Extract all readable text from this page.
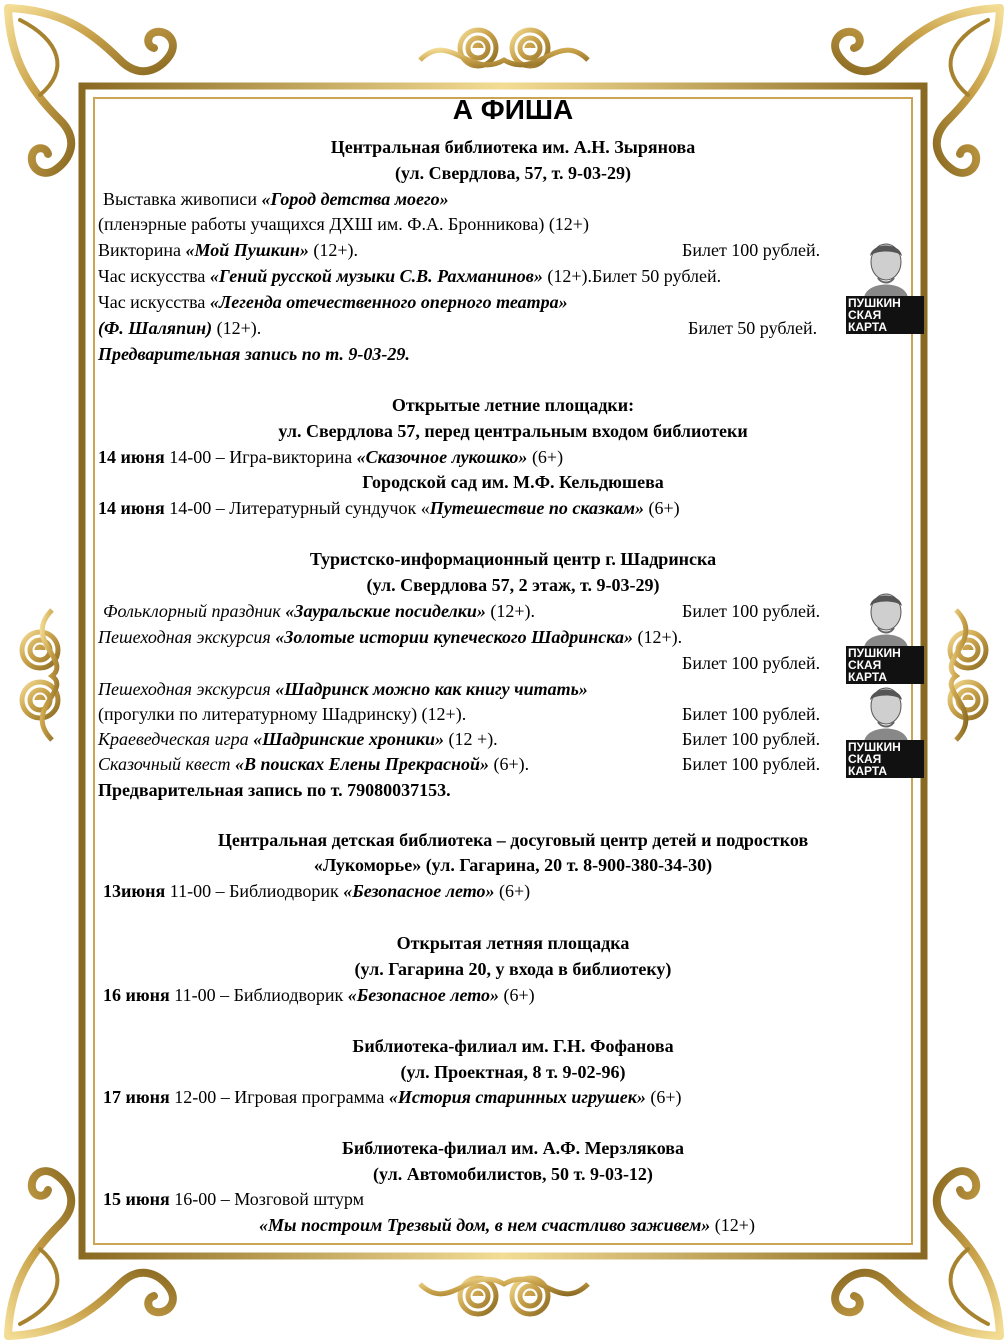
А ФИША
Центральная библиотека им. А.Н. Зырянова
(ул. Свердлова, 57, т. 9-03-29)
Выставка живописи «Город детства моего»
(пленэрные работы учащихся ДХШ им. Ф.А. Бронникова) (12+)
Викторина «Мой Пушкин» (12+).	Билет 100 рублей.
Час искусства «Гений русской музыки С.В. Рахманинов» (12+).Билет 50 рублей.
Час искусства «Легенда отечественного оперного театра»
(Ф. Шаляпин) (12+).	Билет 50 рублей.
Предварительная запись по т. 9-03-29.
ПУШКИН
СКАЯ
КАРТА
Открытые летние площадки:
ул. Свердлова 57, перед центральным входом библиотеки
14 июня 14-00 – Игра-викторина «Сказочное лукошко» (6+)
Городской сад им. М.Ф. Кельдюшева
14 июня 14-00 – Литературный сундучок «Путешествие по сказкам» (6+)
Туристско-информационный центр г. Шадринска
(ул. Свердлова 57, 2 этаж, т. 9-03-29)
Фольклорный праздник «Зауральские посиделки» (12+).	Билет 100 рублей.
Пешеходная экскурсия «Золотые истории купеческого Шадринска» (12+).
Билет 100 рублей.
Пешеходная экскурсия «Шадринск можно как книгу читать»
(прогулки по литературному Шадринску) (12+).	Билет 100 рублей.
Краеведческая игра «Шадринские хроники» (12 +).	Билет 100 рублей.
Сказочный квест «В поисках Елены Прекрасной» (6+).	Билет 100 рублей.
Предварительная запись по т. 79080037153.
ПУШКИН
СКАЯ
КАРТА
ПУШКИН
СКАЯ
КАРТА
Центральная детская библиотека – досуговый центр детей и подростков
«Лукоморье» (ул. Гагарина, 20 т. 8-900-380-34-30)
13июня 11-00 – Библиодворик «Безопасное лето» (6+)
Открытая летняя площадка
(ул. Гагарина 20, у входа в библиотеку)
16 июня 11-00 – Библиодворик «Безопасное лето» (6+)
Библиотека-филиал им. Г.Н. Фофанова
(ул. Проектная, 8 т. 9-02-96)
17 июня 12-00 – Игровая программа «История старинных игрушек» (6+)
Библиотека-филиал им. А.Ф. Мерзлякова
(ул. Автомобилистов, 50 т. 9-03-12)
15 июня 16-00 – Мозговой штурм
«Мы построим Трезвый дом, в нем счастливо заживем» (12+)
